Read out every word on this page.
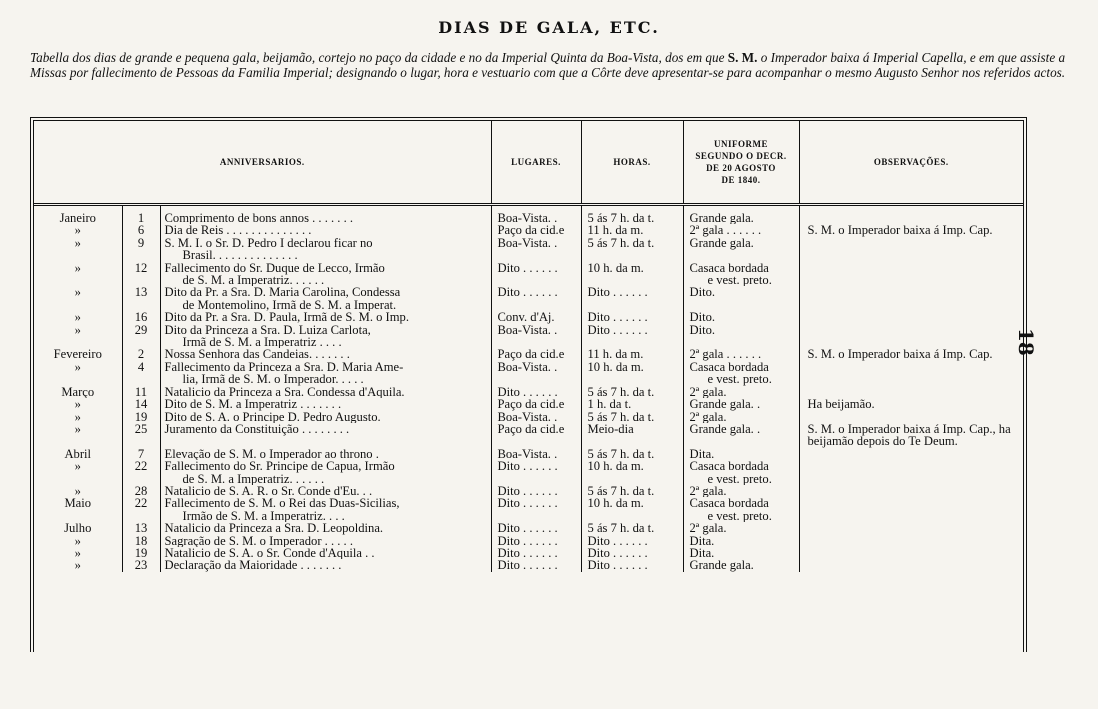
DIAS DE GALA, ETC.
18
Tabella dos dias de grande e pequena gala, beijamão, cortejo no paço da cidade e no da Imperial Quinta da Boa-Vista, dos em que S. M. o Imperador baixa á Imperial Capella, e em que assiste a Missas por fallecimento de Pessoas da Familia Imperial; designando o lugar, hora e vestuario com que a Côrte deve apresentar-se para acompanhar o mesmo Augusto Senhor nos referidos actos.
ANNIVERSARIOS.			LUGARES.	HORAS.	UNIFORME
SEGUNDO O DECR.
DE 20 AGOSTO
DE 1840.	OBSERVAÇÕES.
Janeiro	1	Comprimento de bons annos . . . . . . .	Boa-Vista. .	5 ás 7 h. da t.	Grande gala.	
»	6	Dia de Reis . . . . . . . . . . . . . .	Paço da cid.e	11 h. da m.	2ª gala . . . . . .	S. M. o Imperador baixa á Imp. Cap.
»	9	S. M. I. o Sr. D. Pedro I declarou ficar no
Brasil. . . . . . . . . . . . . .	Boa-Vista. .	5 ás 7 h. da t.	Grande gala.	
»	12	Fallecimento do Sr. Duque de Lecco, Irmão
de S. M. a Imperatriz. . . . . .	Dito . . . . . .	10 h. da m.	Casaca bordada
e vest. preto.	

»	13	Dito da Pr. a Sra. D. Maria Carolina, Condessa
de Montemolino, Irmã de S. M. a Imperat.	Dito . . . . . .	Dito . . . . . .	Dito.	
»	16	Dito da Pr. a Sra. D. Paula, Irmã de S. M. o Imp.	Conv. d'Aj.	Dito . . . . . .	Dito.	
»	29	Dito da Princeza a Sra. D. Luiza Carlota,
Irmã de S. M. a Imperatriz . . . .	Boa-Vista. .	Dito . . . . . .	Dito.	
Fevereiro	2	Nossa Senhora das Candeias. . . . . . .	Paço da cid.e	11 h. da m.	2ª gala . . . . . .	S. M. o Imperador baixa á Imp. Cap.
»	4	Fallecimento da Princeza a Sra. D. Maria Ame-
lia, Irmã de S. M. o Imperador. . . . .	Boa-Vista. .	10 h. da m.	Casaca bordada
e vest. preto.	

Março	11	Natalicio da Princeza a Sra. Condessa d'Aquila.	Dito . . . . . .	5 ás 7 h. da t.	2ª gala.	
»	14	Dito de S. M. a Imperatriz . . . . . . .	Paço da cid.e	1 h. da t.	Grande gala. .	Ha beijamão.
»	19	Dito de S. A. o Principe D. Pedro Augusto.	Boa-Vista. .	5 ás 7 h. da t.	2ª gala.	
»	25	Juramento da Constituição . . . . . . . .	Paço da cid.e	Meio-dia	Grande gala. .	S. M. o Imperador baixa á Imp. Cap., ha beijamão depois do Te Deum.
Abril	7	Elevação de S. M. o Imperador ao throno .	Boa-Vista. .	5 ás 7 h. da t.	Dita.	
»	22	Fallecimento do Sr. Principe de Capua, Irmão
de S. M. a Imperatriz. . . . . .	Dito . . . . . .	10 h. da m.	Casaca bordada
e vest. preto.	

»	28	Natalicio de S. A. R. o Sr. Conde d'Eu. . .	Dito . . . . . .	5 ás 7 h. da t.	2ª gala.	
Maio	22	Fallecimento de S. M. o Rei das Duas-Sicilias,
Irmão de S. M. a Imperatriz. . . .	Dito . . . . . .	10 h. da m.	Casaca bordada
e vest. preto.	

Julho	13	Natalicio da Princeza a Sra. D. Leopoldina.	Dito . . . . . .	5 ás 7 h. da t.	2ª gala.	
»	18	Sagração de S. M. o Imperador . . . . .	Dito . . . . . .	Dito . . . . . .	Dita.	
»	19	Natalicio de S. A. o Sr. Conde d'Aquila . .	Dito . . . . . .	Dito . . . . . .	Dita.	
»	23	Declaração da Maioridade . . . . . . .	Dito . . . . . .	Dito . . . . . .	Grande gala.	
